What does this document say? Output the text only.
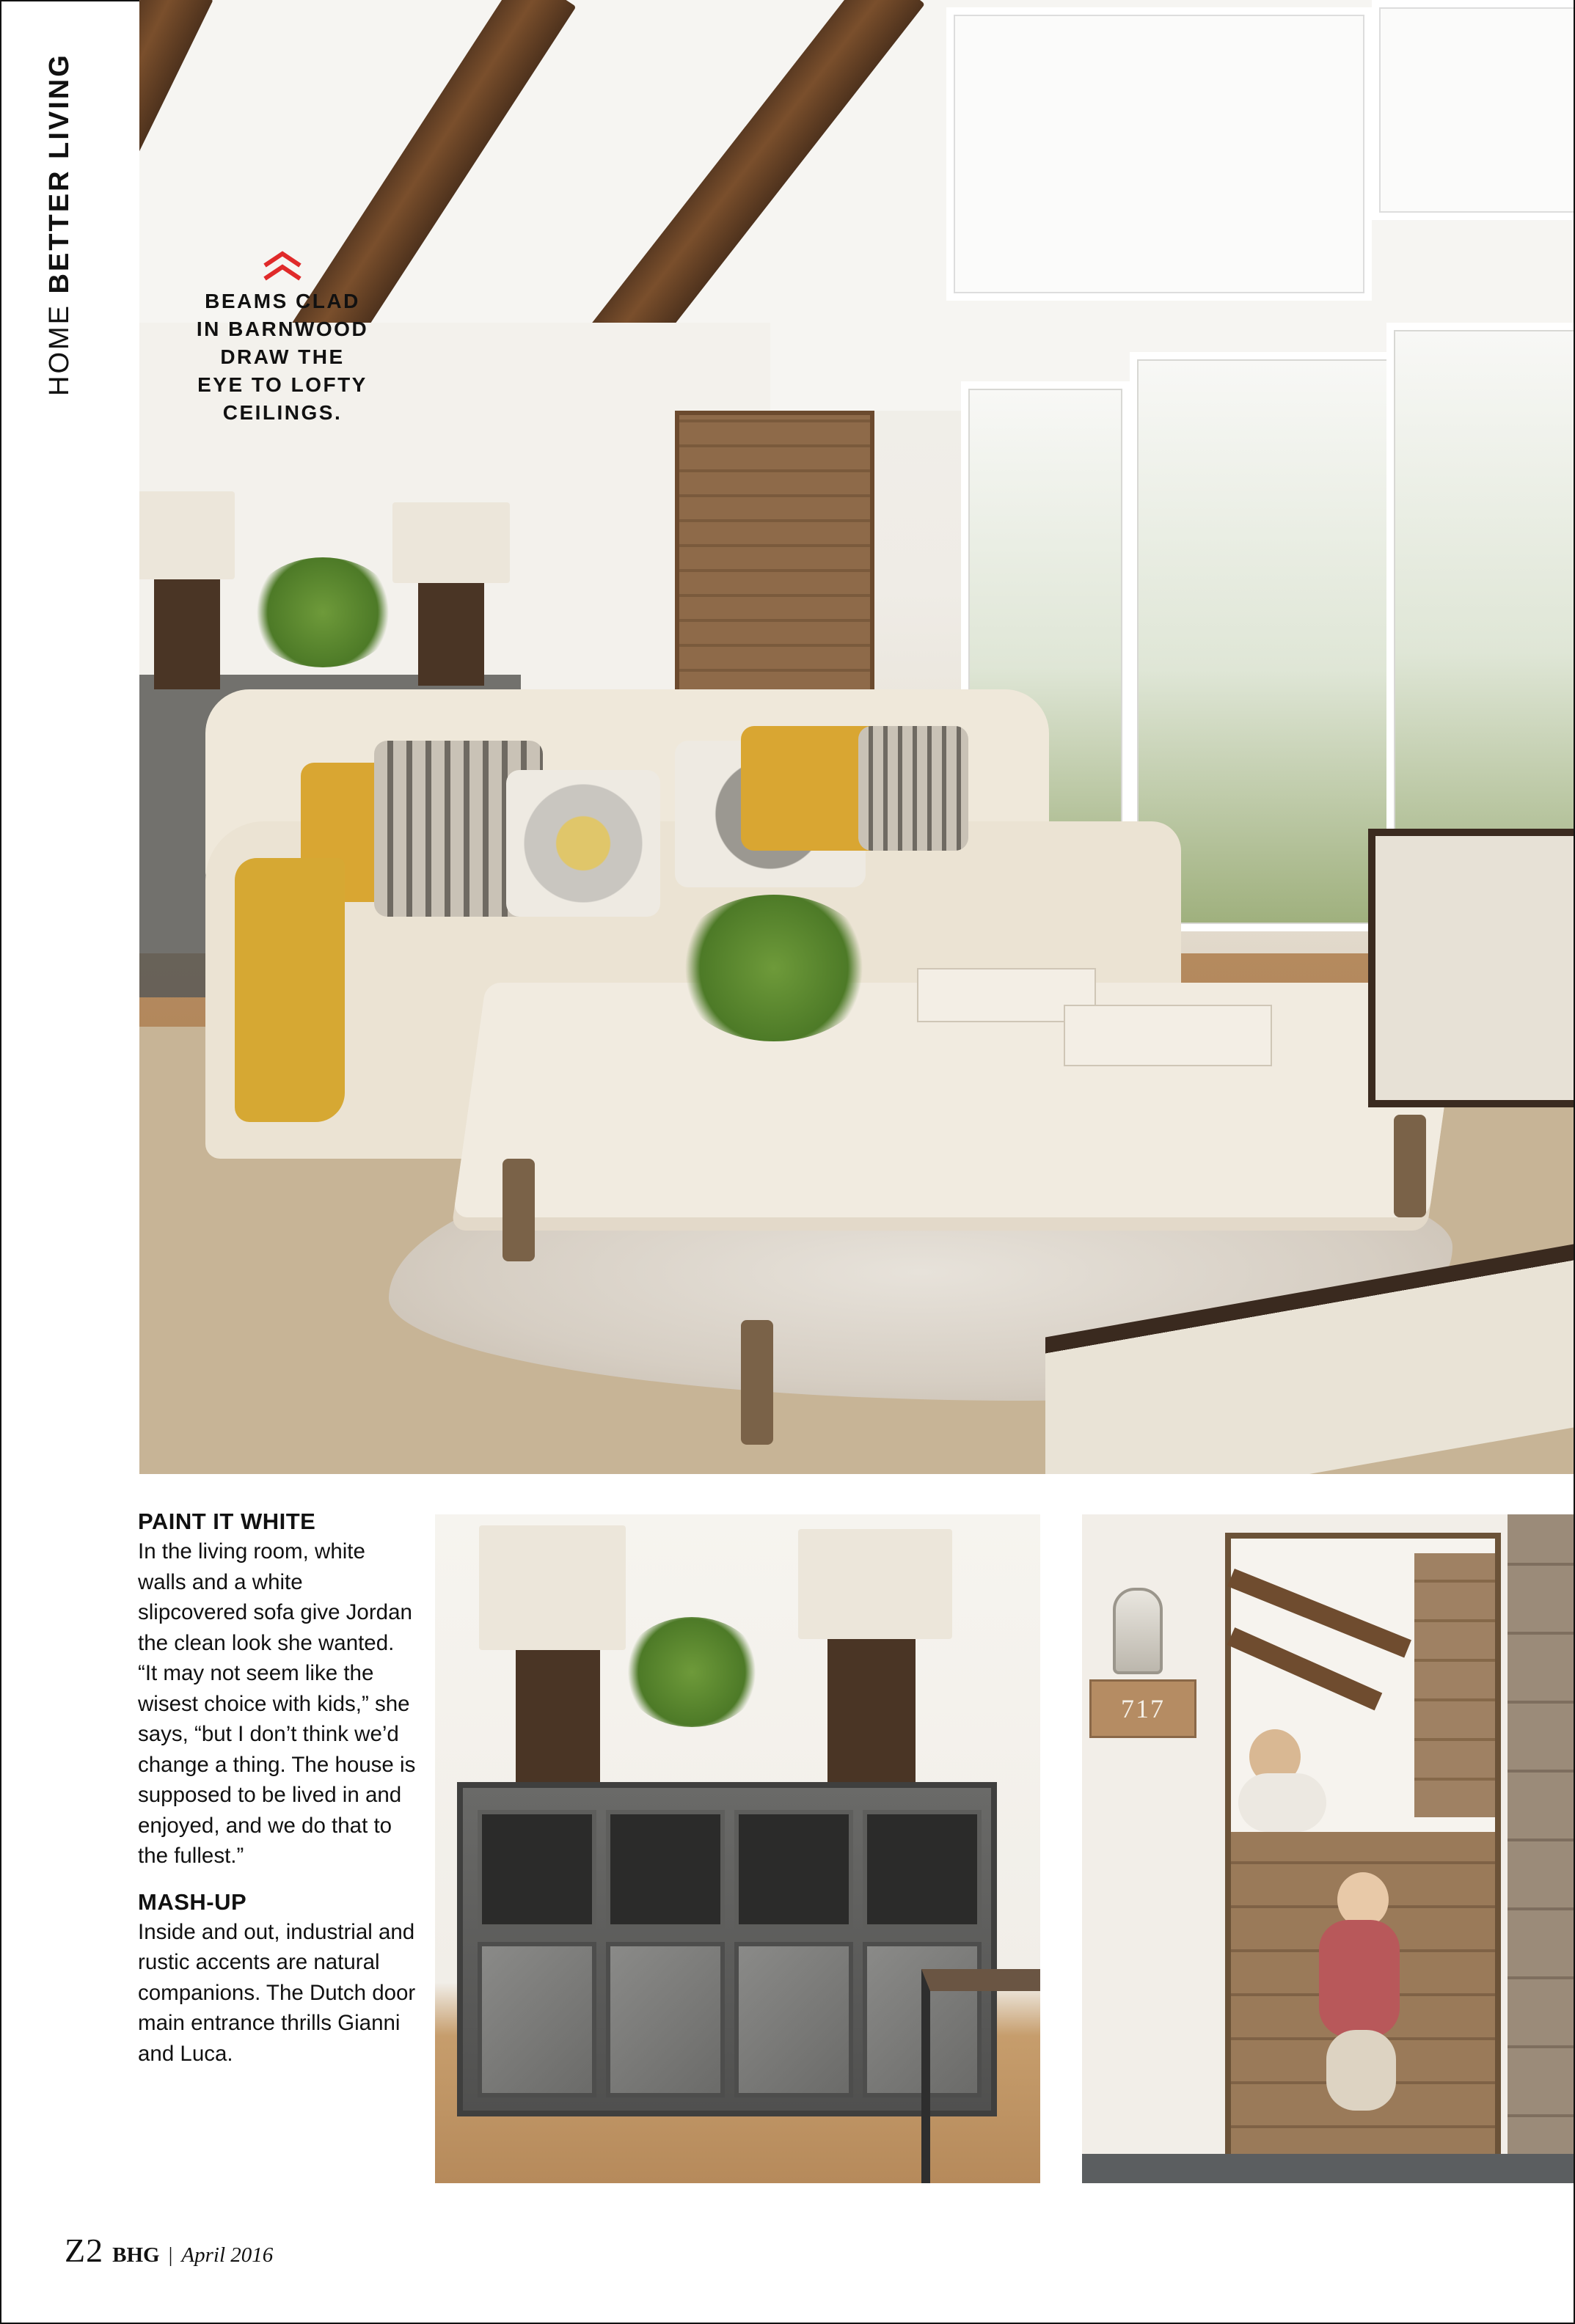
HOME BETTER LIVING
BEAMS CLAD
IN BARNWOOD
DRAW THE
EYE TO LOFTY
CEILINGS.
PAINT IT WHITE

In the living room, white walls and a white slipcovered sofa give Jordan the clean look she wanted. “It may not seem like the wisest choice with kids,” she says, “but I don’t think we’d change a thing. The house is supposed to be lived in and enjoyed, and we do that to the fullest.”

MASH-UP

Inside and out, industrial and rustic accents are natural companions. The Dutch door main entrance thrills Gianni and Luca.

717
Z2 BHG | April 2016
